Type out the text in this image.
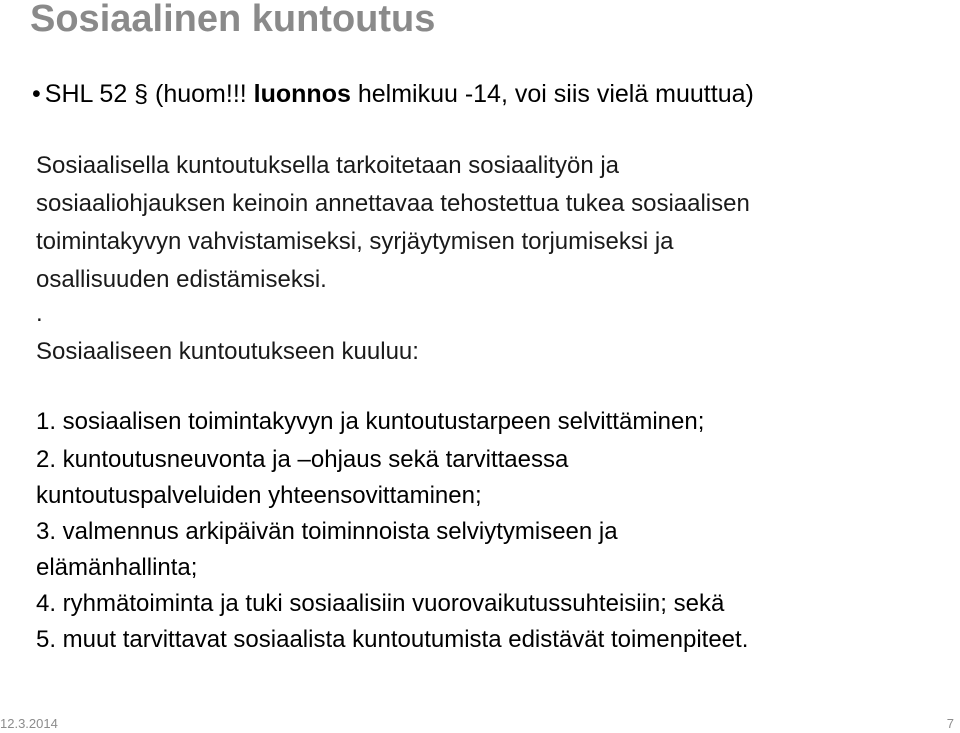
Sosiaalinen kuntoutus
• SHL 52 § (huom!!! luonnos helmikuu -14, voi siis vielä muuttua)
Sosiaalisella kuntoutuksella tarkoitetaan sosiaalityön ja
sosiaaliohjauksen keinoin annettavaa tehostettua tukea sosiaalisen
toimintakyvyn vahvistamiseksi, syrjäytymisen torjumiseksi ja
osallisuuden edistämiseksi.
.
Sosiaaliseen kuntoutukseen kuuluu:
1. sosiaalisen toimintakyvyn ja kuntoutustarpeen selvittäminen;
2. kuntoutusneuvonta ja –ohjaus sekä tarvittaessa
kuntoutuspalveluiden yhteensovittaminen;
3. valmennus arkipäivän toiminnoista selviytymiseen ja
elämänhallinta;
4. ryhmätoiminta ja tuki sosiaalisiin vuorovaikutussuhteisiin; sekä
5. muut tarvittavat sosiaalista kuntoutumista edistävät toimenpiteet.
12.3.2014	7
